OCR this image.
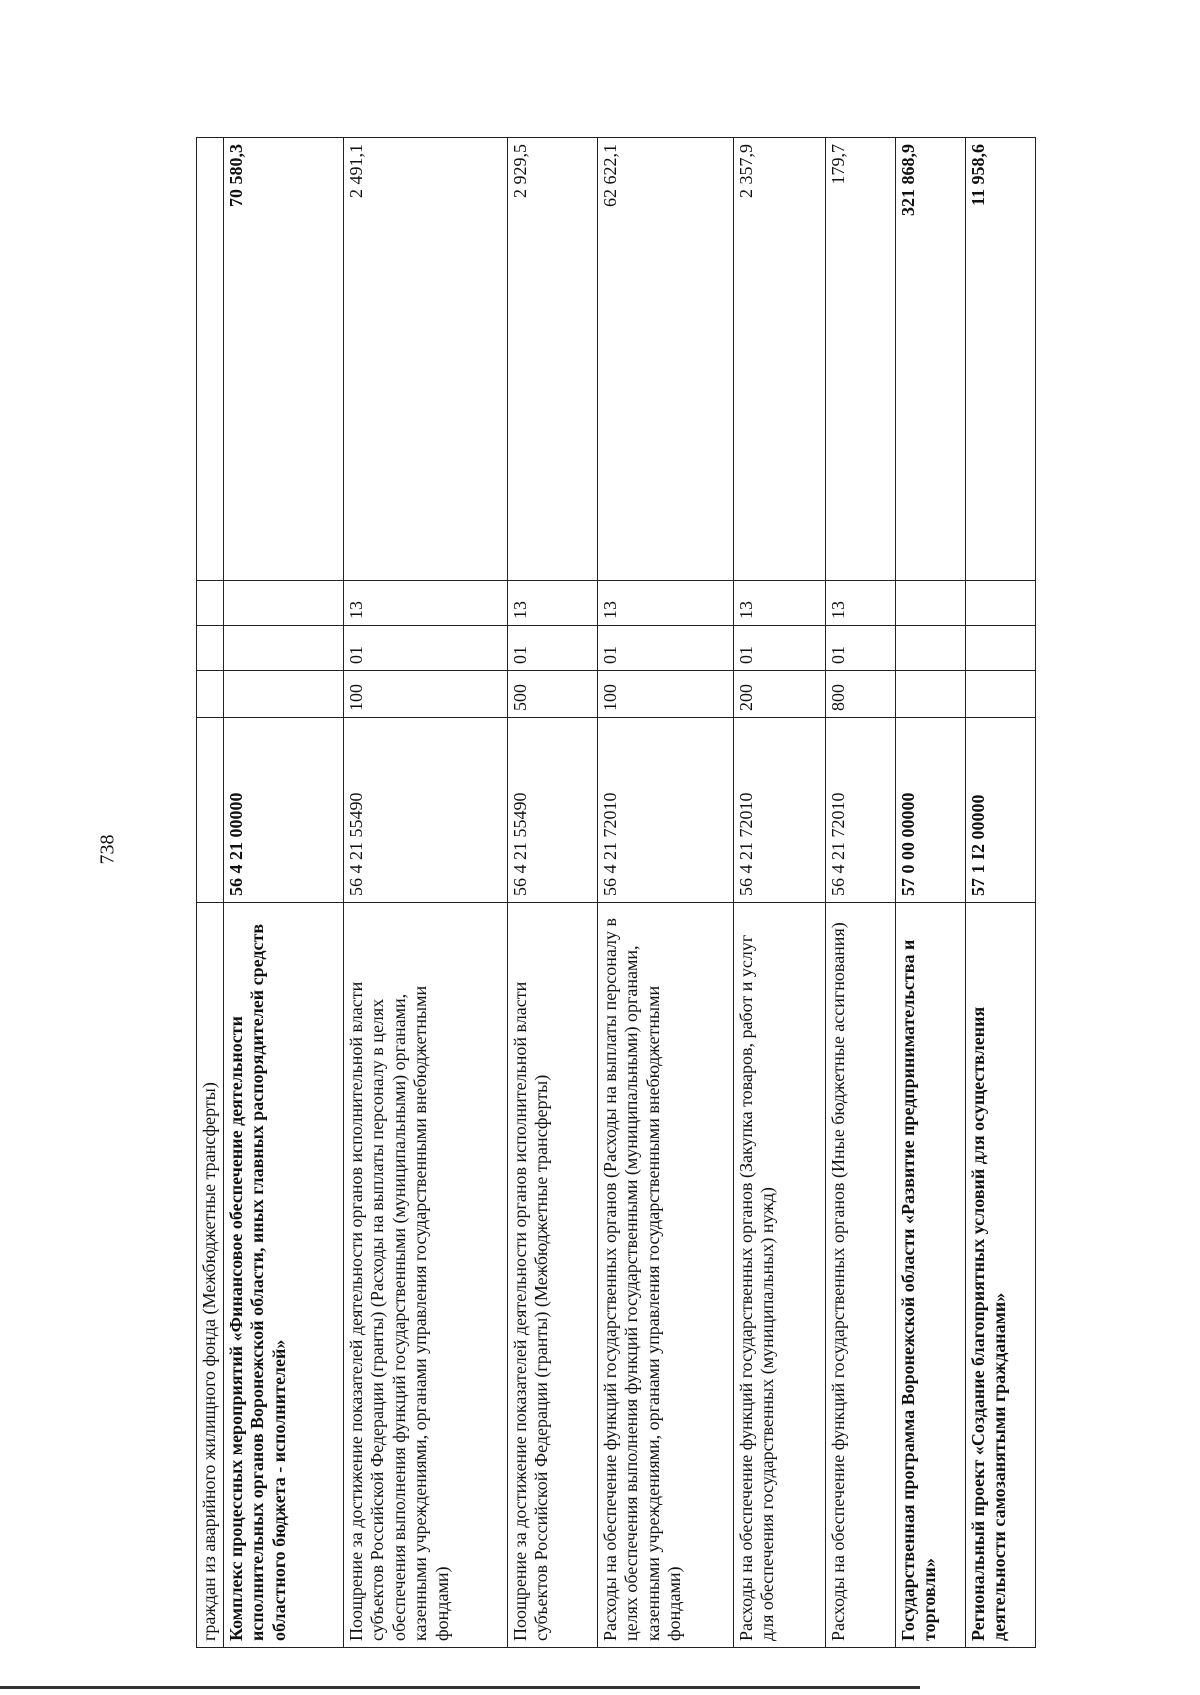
738
граждан из аварийного жилищного фонда (Межбюджетные трансферты)					
Комплекс процессных мероприятий «Финансовое обеспечение деятельности исполнительных органов Воронежской области, иных главных распорядителей средств областного бюджета - исполнителей»	56 4 21 00000				70 580,3
Поощрение за достижение показателей деятельности органов исполнительной власти субъектов Российской Федерации (гранты) (Расходы на выплаты персоналу в целях обеспечения выполнения функций государственными (муниципальными) органами, казенными учреждениями, органами управления государственными внебюджетными фондами)	56 4 21 55490	100	01	13	2 491,1
Поощрение за достижение показателей деятельности органов исполнительной власти субъектов Российской Федерации (гранты) (Межбюджетные трансферты)	56 4 21 55490	500	01	13	2 929,5
Расходы на обеспечение функций государственных органов (Расходы на выплаты персоналу в целях обеспечения выполнения функций государственными (муниципальными) органами, казенными учреждениями, органами управления государственными внебюджетными фондами)	56 4 21 72010	100	01	13	62 622,1
Расходы на обеспечение функций государственных органов (Закупка товаров, работ и услуг для обеспечения государственных (муниципальных) нужд)	56 4 21 72010	200	01	13	2 357,9
Расходы на обеспечение функций государственных органов (Иные бюджетные ассигнования)	56 4 21 72010	800	01	13	179,7
Государственная программа Воронежской области «Развитие предпринимательства и торговли»	57 0 00 00000				321 868,9
Региональный проект «Создание благоприятных условий для осуществления деятельности самозанятыми гражданами»	57 1 I2 00000				11 958,6
